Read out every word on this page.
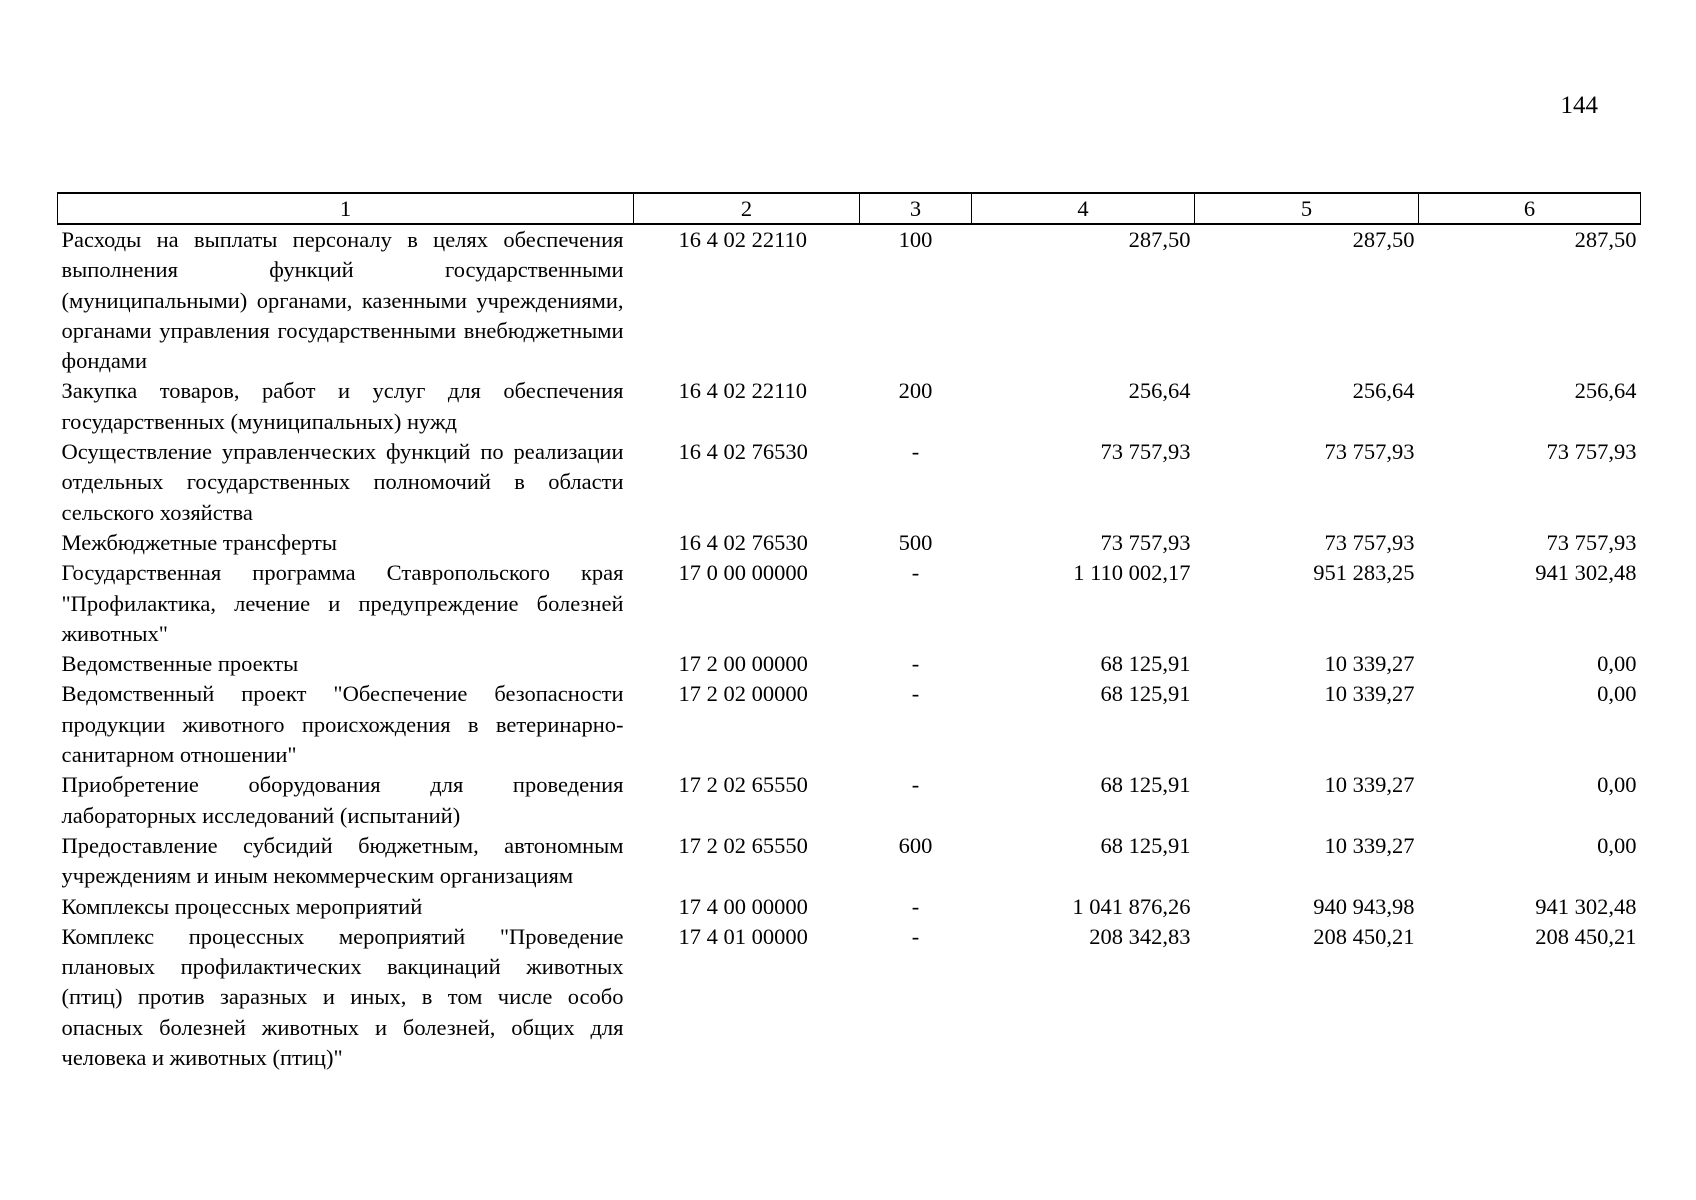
144
1	2	3	4	5	6
Расходы на выплаты персоналу в целях обеспечения выполнения функций государственными (муниципальными) органами, казенными учреждениями, органами управления государственными внебюджетными фондами	16 4 02 22110	100	287,50	287,50	287,50
Закупка товаров, работ и услуг для обеспечения государственных (муниципальных) нужд	16 4 02 22110	200	256,64	256,64	256,64
Осуществление управленческих функций по реализации отдельных государственных полномочий в области сельского хозяйства	16 4 02 76530	-	73 757,93	73 757,93	73 757,93
Межбюджетные трансферты	16 4 02 76530	500	73 757,93	73 757,93	73 757,93
Государственная программа Ставропольского края "Профилактика, лечение и предупреждение болезней животных"	17 0 00 00000	-	1 110 002,17	951 283,25	941 302,48
Ведомственные проекты	17 2 00 00000	-	68 125,91	10 339,27	0,00
Ведомственный проект "Обеспечение безопасности продукции животного происхождения в ветеринарно-санитарном отношении"	17 2 02 00000	-	68 125,91	10 339,27	0,00
Приобретение оборудования для проведения лабораторных исследований (испытаний)	17 2 02 65550	-	68 125,91	10 339,27	0,00
Предоставление субсидий бюджетным, автономным учреждениям и иным некоммерческим организациям	17 2 02 65550	600	68 125,91	10 339,27	0,00
Комплексы процессных мероприятий	17 4 00 00000	-	1 041 876,26	940 943,98	941 302,48
Комплекс процессных мероприятий "Проведение плановых профилактических вакцинаций животных (птиц) против заразных и иных, в том числе особо опасных болезней животных и болезней, общих для человека и животных (птиц)"	17 4 01 00000	-	208 342,83	208 450,21	208 450,21
